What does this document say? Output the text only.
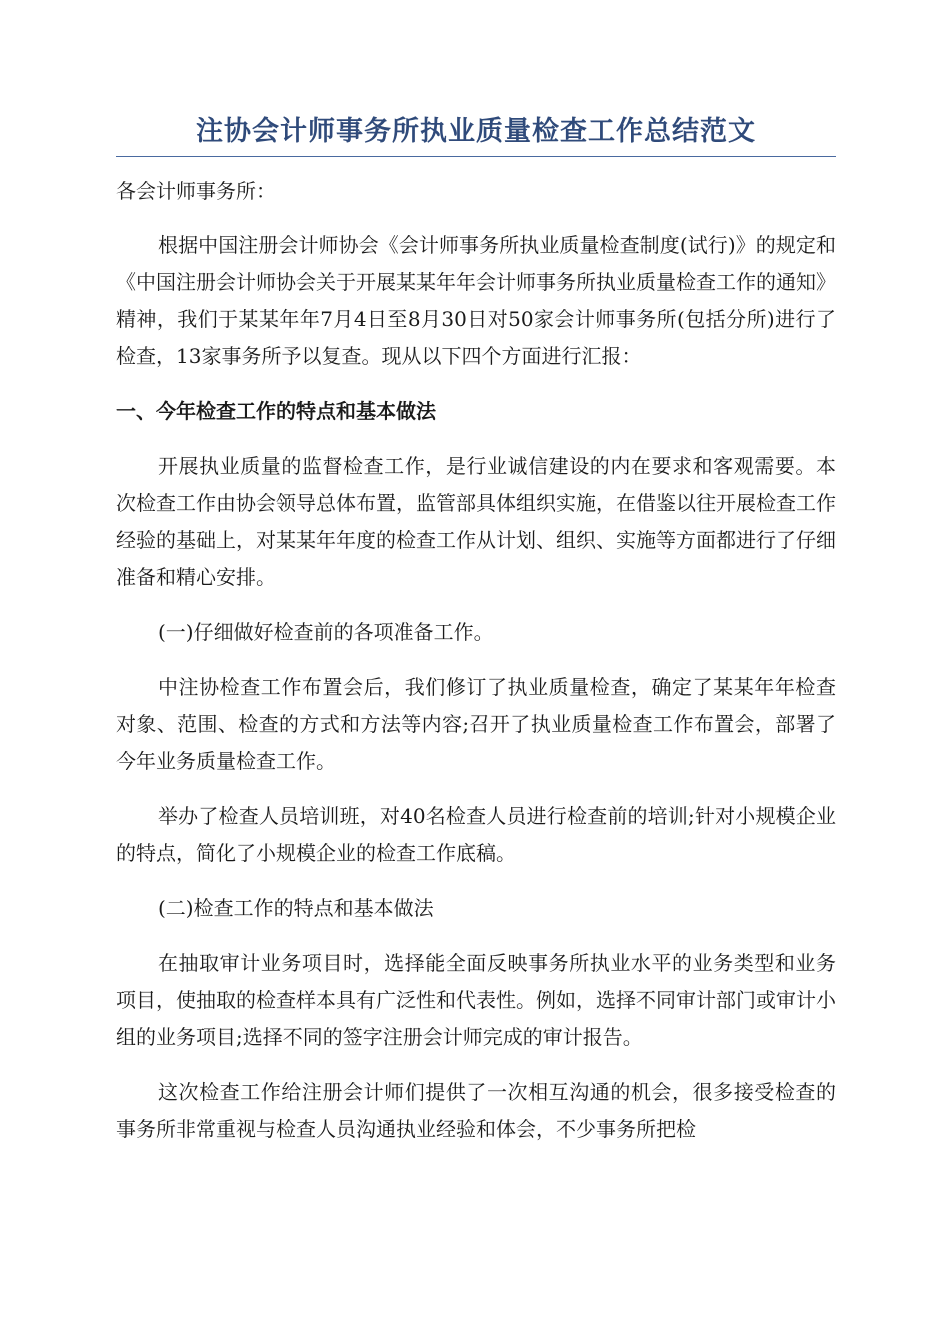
注协会计师事务所执业质量检查工作总结范文

各会计师事务所：

根据中国注册会计师协会《会计师事务所执业质量检查制度(试行)》的规定和《中国注册会计师协会关于开展某某年年会计师事务所执业质量检查工作的通知》精神，我们于某某年年7月4日至8月30日对50家会计师事务所(包括分所)进行了检查，13家事务所予以复查。现从以下四个方面进行汇报：

一、今年检查工作的特点和基本做法

开展执业质量的监督检查工作，是行业诚信建设的内在要求和客观需要。本次检查工作由协会领导总体布置，监管部具体组织实施，在借鉴以往开展检查工作经验的基础上，对某某年年度的检查工作从计划、组织、实施等方面都进行了仔细准备和精心安排。

(一)仔细做好检查前的各项准备工作。

中注协检查工作布置会后，我们修订了执业质量检查，确定了某某年年检查对象、范围、检查的方式和方法等内容;召开了执业质量检查工作布置会，部署了今年业务质量检查工作。

举办了检查人员培训班，对40名检查人员进行检查前的培训;针对小规模企业的特点，简化了小规模企业的检查工作底稿。

(二)检查工作的特点和基本做法

在抽取审计业务项目时，选择能全面反映事务所执业水平的业务类型和业务项目，使抽取的检查样本具有广泛性和代表性。例如，选择不同审计部门或审计小组的业务项目;选择不同的签字注册会计师完成的审计报告。

这次检查工作给注册会计师们提供了一次相互沟通的机会，很多接受检查的事务所非常重视与检查人员沟通执业经验和体会，不少事务所把检
